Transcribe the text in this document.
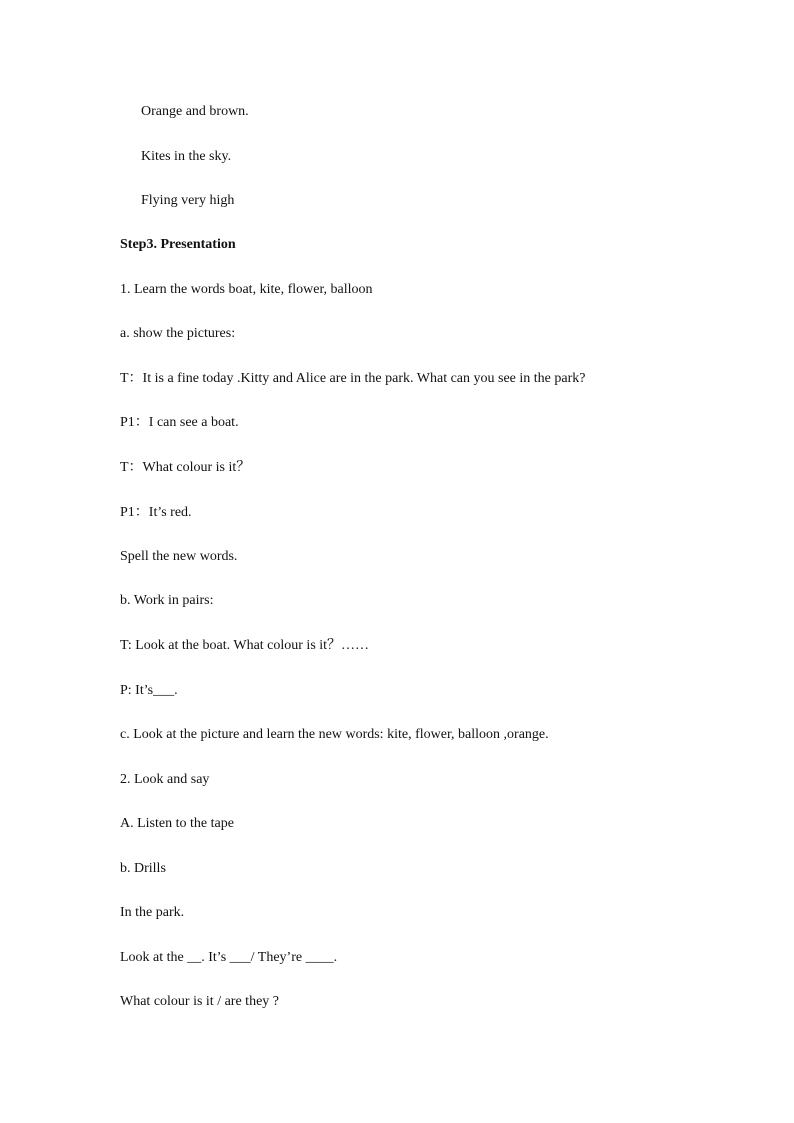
Orange and brown.
Kites in the sky.
Flying very high
Step3. Presentation
1. Learn the words boat, kite, flower, balloon
a. show the pictures:
T：It is a fine today .Kitty and Alice are in the park. What can you see in the park?
P1：I can see a boat.
T：What colour is it？
P1：It’s red.
Spell the new words.
b. Work in pairs:
T: Look at the boat. What colour is it？……
P: It’s___.
c. Look at the picture and learn the new words: kite, flower, balloon ,orange.
2. Look and say
A. Listen to the tape
b. Drills
In the park.
Look at the __. It’s ___/ They’re ____.
What colour is it / are they ?
